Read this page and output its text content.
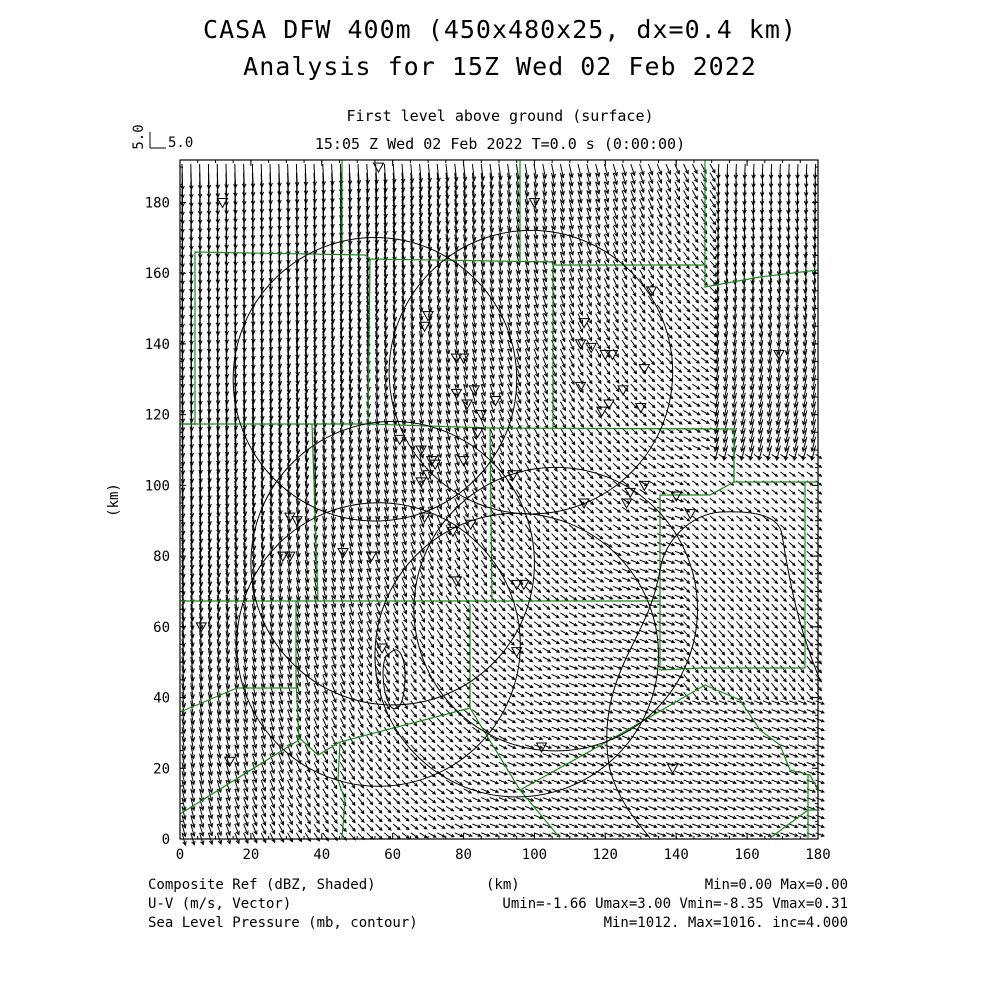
CASA DFW 400m (450x480x25, dx=0.4 km)
Analysis for 15Z Wed 02 Feb 2022
First level above ground (surface)
15:05 Z Wed 02 Feb 2022 T=0.0 s (0:00:00)
0	20	40	60	80	100	120	140	160	180
0
20
40
60
80
100
120
140
160
180
(km)
5.0 5.0
Composite Ref (dBZ, Shaded)	(km)	Min=0.00 Max=0.00
U-V (m/s, Vector)	Umin=-1.66 Umax=3.00 Vmin=-8.35 Vmax=0.31
Sea Level Pressure (mb, contour)	Min=1012. Max=1016. inc=4.000
